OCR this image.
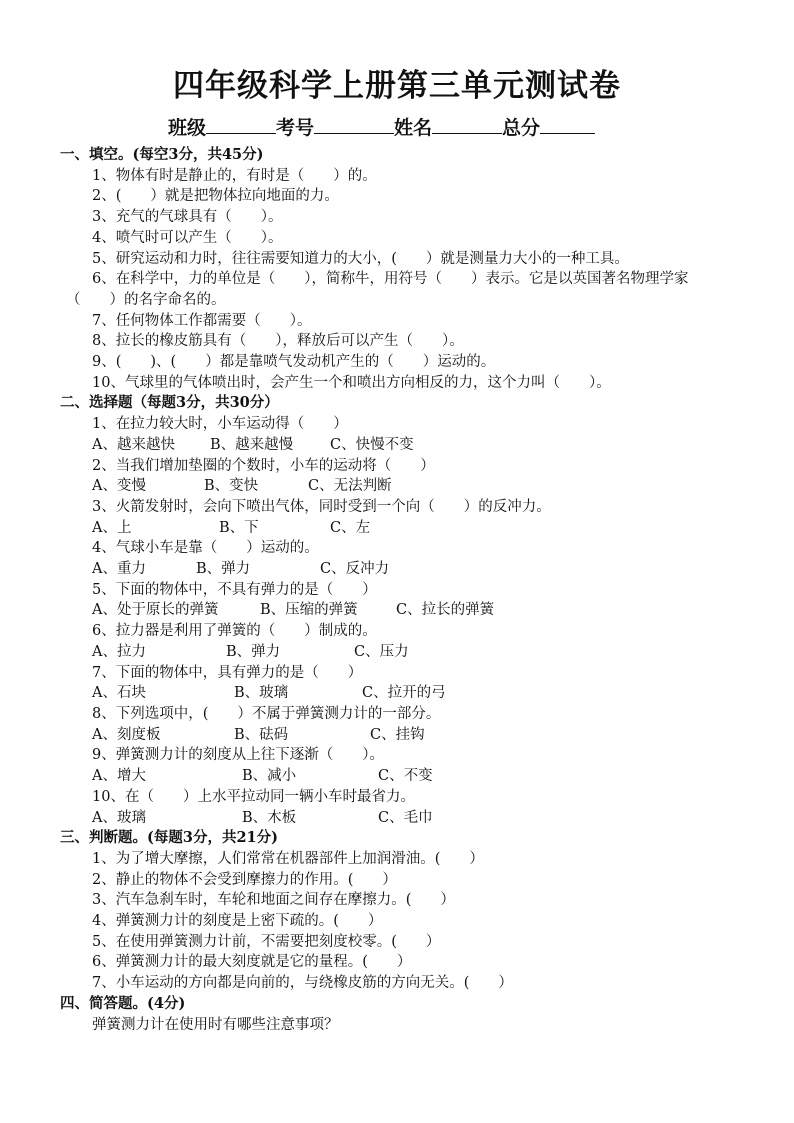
四年级科学上册第三单元测试卷
班级	考号	姓名	总分
一、填空。(每空3分，共45分)
1、物体有时是静止的，有时是（　　）的。
2、(　　）就是把物体拉向地面的力。
3、充气的气球具有（　　）。
4、喷气时可以产生（　　）。
5、研究运动和力时，往往需要知道力的大小，(　　）就是测量力大小的一种工具。
6、在科学中，力的单位是（　　），简称牛，用符号（　　）表示。它是以英国著名物理学家
（　　）的名字命名的。
7、任何物体工作都需要（　　）。
8、拉长的橡皮筋具有（　　），释放后可以产生（　　）。
9、(　　)、(　　）都是靠喷气发动机产生的（　　）运动的。
10、气球里的气体喷出时，会产生一个和喷出方向相反的力，这个力叫（　　）。
二、选择题（每题3分，共30分）
1、在拉力较大时，小车运动得（　　）
A、越来越快 B、越来越慢	C、快慢不变
2、当我们增加垫圈的个数时，小车的运动将（　　）
A、变慢	B、变快	C、无法判断
3、火箭发射时，会向下喷出气体，同时受到一个向（　　）的反冲力。
A、上	B、下	C、左
4、气球小车是靠（　　）运动的。
A、重力	B、弹力	C、反冲力
5、下面的物体中，不具有弹力的是（　　）
A、处于原长的弹簧	B、压缩的弹簧	C、拉长的弹簧
6、拉力器是利用了弹簧的（　　）制成的。
A、拉力	B、弹力	C、压力
7、下面的物体中，具有弹力的是（　　）
A、石块	B、玻璃	C、拉开的弓
8、下列选项中，(　　）不属于弹簧测力计的一部分。
A、刻度板	B、砝码	C、挂钩
9、弹簧测力计的刻度从上往下逐渐（　　）。
A、增大	B、减小	C、不变
10、在（　　）上水平拉动同一辆小车时最省力。
A、玻璃	B、木板	C、毛巾
三、判断题。(每题3分，共21分)
1、为了增大摩擦，人们常常在机器部件上加润滑油。(　　）
2、静止的物体不会受到摩擦力的作用。(　　）
3、汽车急刹车时，车轮和地面之间存在摩擦力。(　　）
4、弹簧测力计的刻度是上密下疏的。(　　）
5、在使用弹簧测力计前，不需要把刻度校零。(　　）
6、弹簧测力计的最大刻度就是它的量程。(　　）
7、小车运动的方向都是向前的，与绕橡皮筋的方向无关。(　　）
四、简答题。(4分)
弹簧测力计在使用时有哪些注意事项？
